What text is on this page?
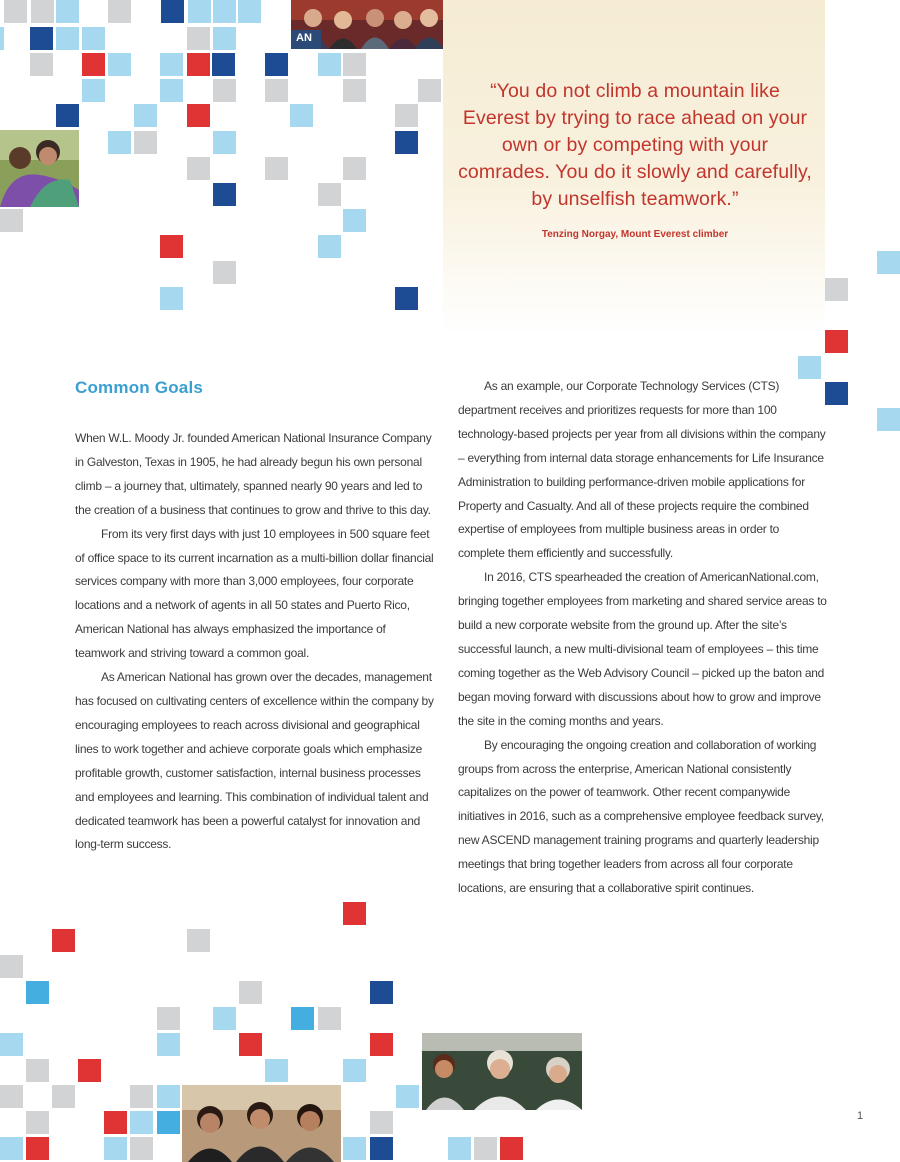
AN
“You do not climb a mountain like Everest by trying to race ahead on your own or by competing with your comrades. You do it slowly and carefully, by unselfish teamwork.”
Tenzing Norgay, Mount Everest climber
Common Goals

When W.L. Moody Jr. founded American National Insurance Company in Galveston, Texas in 1905, he had already begun his own personal climb – a journey that, ultimately, spanned nearly 90 years and led to the creation of a business that continues to grow and thrive to this day.

From its very first days with just 10 employees in 500 square feet of office space to its current incarnation as a multi-billion dollar financial services company with more than 3,000 employees, four corporate locations and a network of agents in all 50 states and Puerto Rico, American National has always emphasized the importance of teamwork and striving toward a common goal.

As American National has grown over the decades, management has focused on cultivating centers of excellence within the company by encouraging employees to reach across divisional and geographical lines to work together and achieve corporate goals which emphasize profitable growth, customer satisfaction, internal business processes and employees and learning. This combination of individual talent and dedicated teamwork has been a powerful catalyst for innovation and long-term success.

As an example, our Corporate Technology Services (CTS) department receives and prioritizes requests for more than 100 technology-based projects per year from all divisions within the company – everything from internal data storage enhancements for Life Insurance Administration to building performance-driven mobile applications for Property and Casualty. And all of these projects require the combined expertise of employees from multiple business areas in order to complete them efficiently and successfully.

In 2016, CTS spearheaded the creation of AmericanNational.com, bringing together employees from marketing and shared service areas to build a new corporate website from the ground up. After the site’s successful launch, a new multi-divisional team of employees – this time coming together as the Web Advisory Council – picked up the baton and began moving forward with discussions about how to grow and improve the site in the coming months and years.

By encouraging the ongoing creation and collaboration of working groups from across the enterprise, American National consistently capitalizes on the power of teamwork. Other recent companywide initiatives in 2016, such as a comprehensive employee feedback survey, new ASCEND management training programs and quarterly leadership meetings that bring together leaders from across all four corporate locations, are ensuring that a collaborative spirit continues.

1
